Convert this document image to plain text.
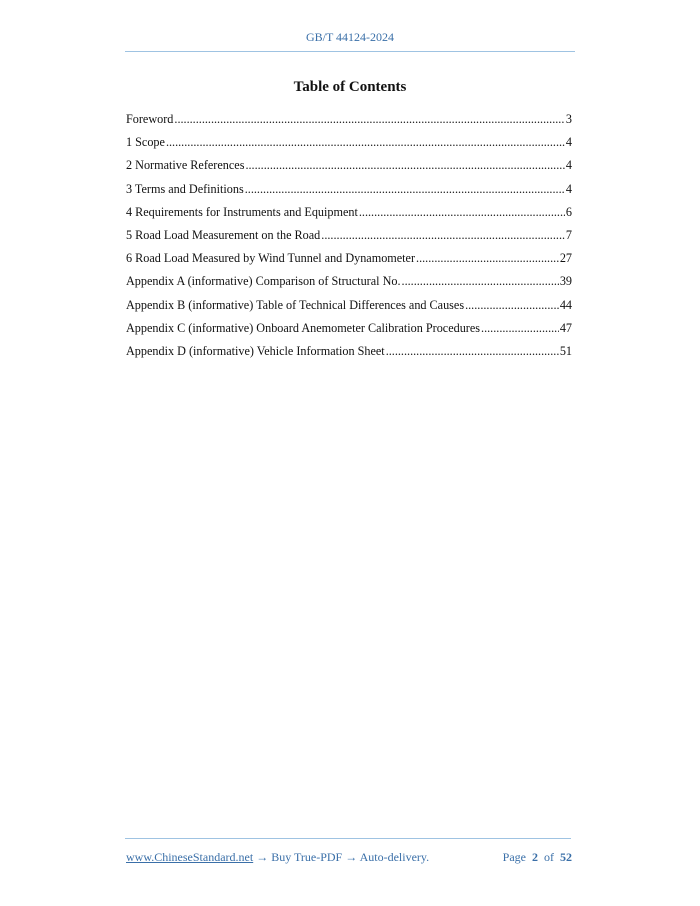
GB/T 44124-2024
Table of Contents
Foreword .....	3
1 Scope .....	4
2 Normative References .....	4
3 Terms and Definitions .....	4
4 Requirements for Instruments and Equipment .....	6
5 Road Load Measurement on the Road .....	7
6 Road Load Measured by Wind Tunnel and Dynamometer .....	27
Appendix A (informative) Comparison of Structural No. .....	39
Appendix B (informative) Table of Technical Differences and Causes .....	44
Appendix C (informative) Onboard Anemometer Calibration Procedures .....	47
Appendix D (informative) Vehicle Information Sheet .....	51
www.ChineseStandard.net → Buy True-PDF → Auto-delivery.	Page 2 of 52
